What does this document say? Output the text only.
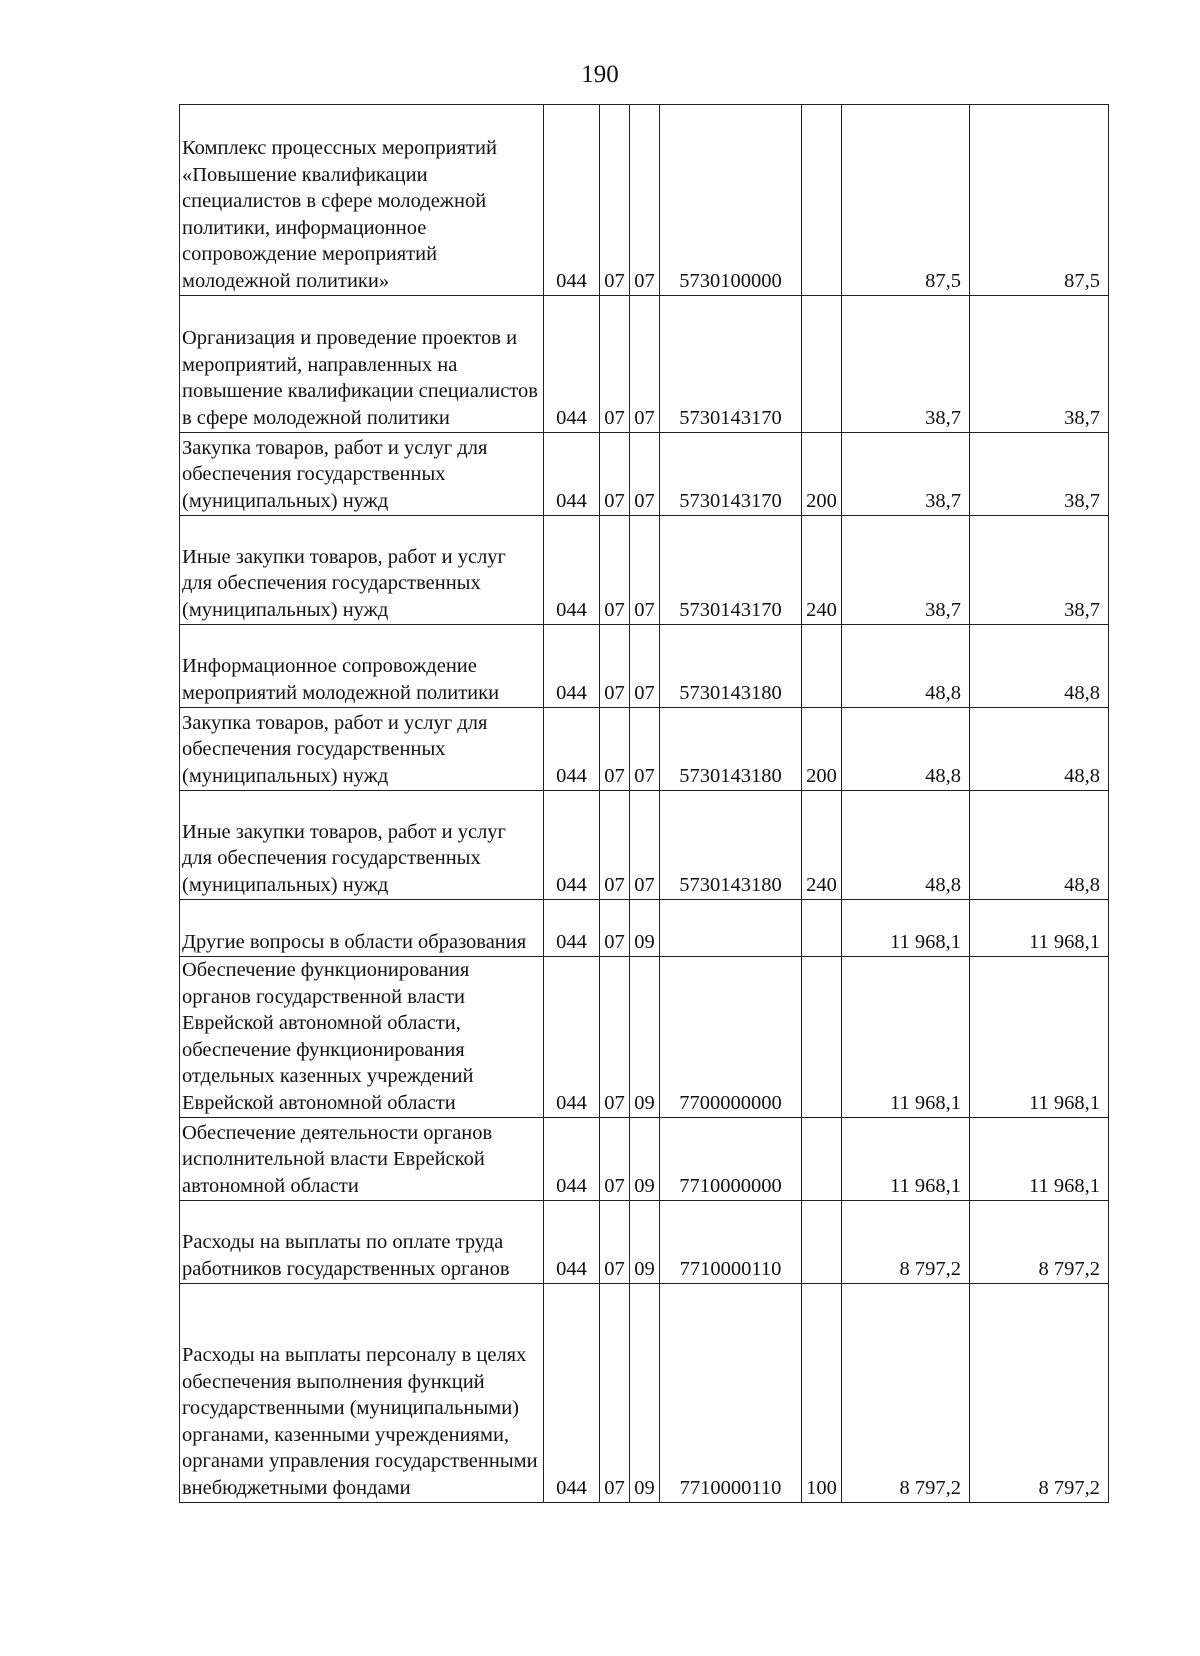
190
Комплекс процессных мероприятий «Повышение квалификации специалистов в сфере молодежной политики, информационное сопровождение мероприятий молодежной политики»	044	07	07	5730100000		87,5	87,5
Организация и проведение проектов и мероприятий, направленных на повышение квалификации специалистов в сфере молодежной политики	044	07	07	5730143170		38,7	38,7
Закупка товаров, работ и услуг для обеспечения государственных (муниципальных) нужд	044	07	07	5730143170	200	38,7	38,7
Иные закупки товаров, работ и услуг для обеспечения государственных (муниципальных) нужд	044	07	07	5730143170	240	38,7	38,7
Информационное сопровождение мероприятий молодежной политики	044	07	07	5730143180		48,8	48,8
Закупка товаров, работ и услуг для обеспечения государственных (муниципальных) нужд	044	07	07	5730143180	200	48,8	48,8
Иные закупки товаров, работ и услуг для обеспечения государственных (муниципальных) нужд	044	07	07	5730143180	240	48,8	48,8
Другие вопросы в области образования	044	07	09			11 968,1	11 968,1
Обеспечение функционирования органов государственной власти Еврейской автономной области, обеспечение функционирования отдельных казенных учреждений Еврейской автономной области	044	07	09	7700000000		11 968,1	11 968,1
Обеспечение деятельности органов исполнительной власти Еврейской автономной области	044	07	09	7710000000		11 968,1	11 968,1
Расходы на выплаты по оплате труда работников государственных органов	044	07	09	7710000110		8 797,2	8 797,2
Расходы на выплаты персоналу в целях обеспечения выполнения функций государственными (муниципальными) органами, казенными учреждениями, органами управления государственными внебюджетными фондами	044	07	09	7710000110	100	8 797,2	8 797,2
